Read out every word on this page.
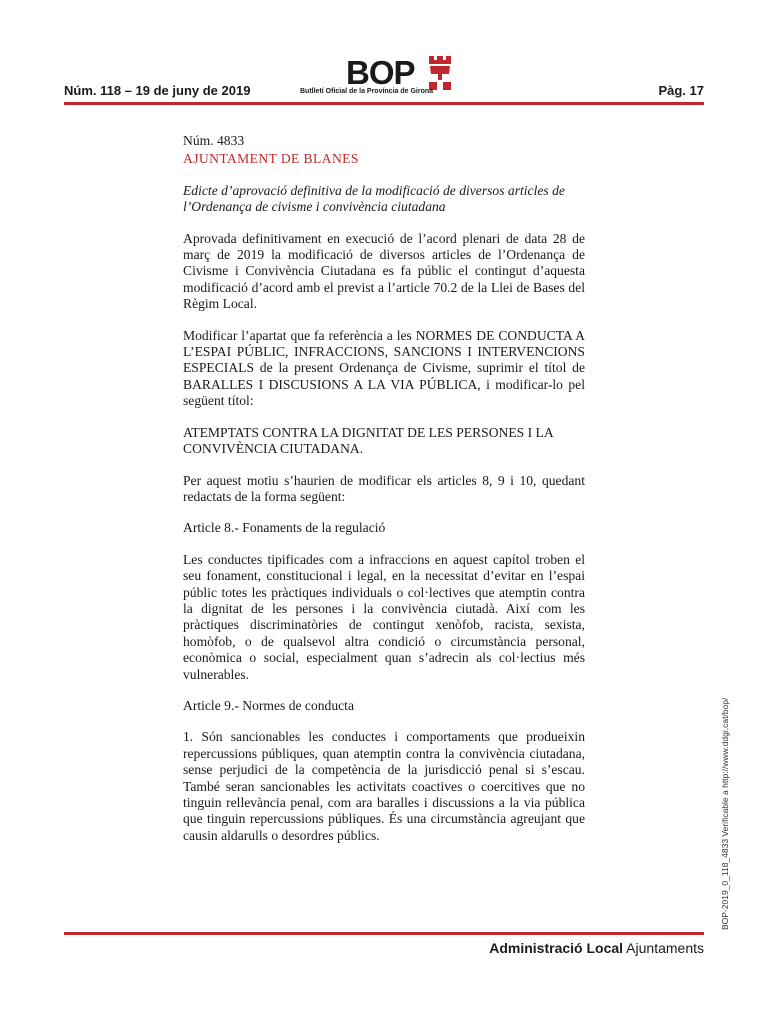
Núm. 118 – 19 de juny de 2019	BOP
Butlletí Oficial de la Província de Girona	Pàg. 17

Núm. 4833

AJUNTAMENT DE BLANES

Edicte d’aprovació definitiva de la modificació de diversos articles de l’Ordenança de civisme i convivència ciutadana

Aprovada definitivament en execució de l’acord plenari de data 28 de març de 2019 la modificació de diversos articles de l’Ordenança de Civisme i Convivència Ciutadana es fa públic el contingut d’aquesta modificació d’acord amb el previst a l’article 70.2 de la Llei de Bases del Règim Local.

Modificar l’apartat que fa referència a les NORMES DE CONDUCTA A L’ESPAI PÚBLIC, INFRACCIONS, SANCIONS I INTERVENCIONS ESPECIALS de la present Ordenança de Civisme, suprimir el títol de BARALLES I DISCUSIONS A LA VIA PÚBLICA, i modificar-lo pel següent títol:

ATEMPTATS CONTRA LA DIGNITAT DE LES PERSONES I LA CONVIVÈNCIA CIUTADANA.

Per aquest motiu s’haurien de modificar els articles 8, 9 i 10, quedant redactats de la forma següent:

Article 8.- Fonaments de la regulació

Les conductes tipificades com a infraccions en aquest capítol troben el seu fonament, constitucional i legal, en la necessitat d’evitar en l’espai públic totes les pràctiques individuals o col·lectives que atemptin contra la dignitat de les persones i la convivència ciutadà. Així com les pràctiques discriminatòries de contingut xenòfob, racista, sexista, homòfob, o de qualsevol altra condició o circumstància personal, econòmica o social, especialment quan s’adrecin als col·lectius més vulnerables.

Article 9.- Normes de conducta

1. Són sancionables les conductes i comportaments que produeixin repercussions públiques, quan atemptin contra la convivència ciutadana, sense perjudici de la competència de la jurisdicció penal si s’escau. També seran sancionables les activitats coactives o coercitives que no tinguin rellevància penal, com ara baralles i discussions a la via pública que tinguin repercussions públiques. És una circumstància agreujant que causin aldarulls o desordres públics.	BOP-2019_0_118_4833 Verificable a http://www.ddgi.cat/bop/
Administració Local Ajuntaments
